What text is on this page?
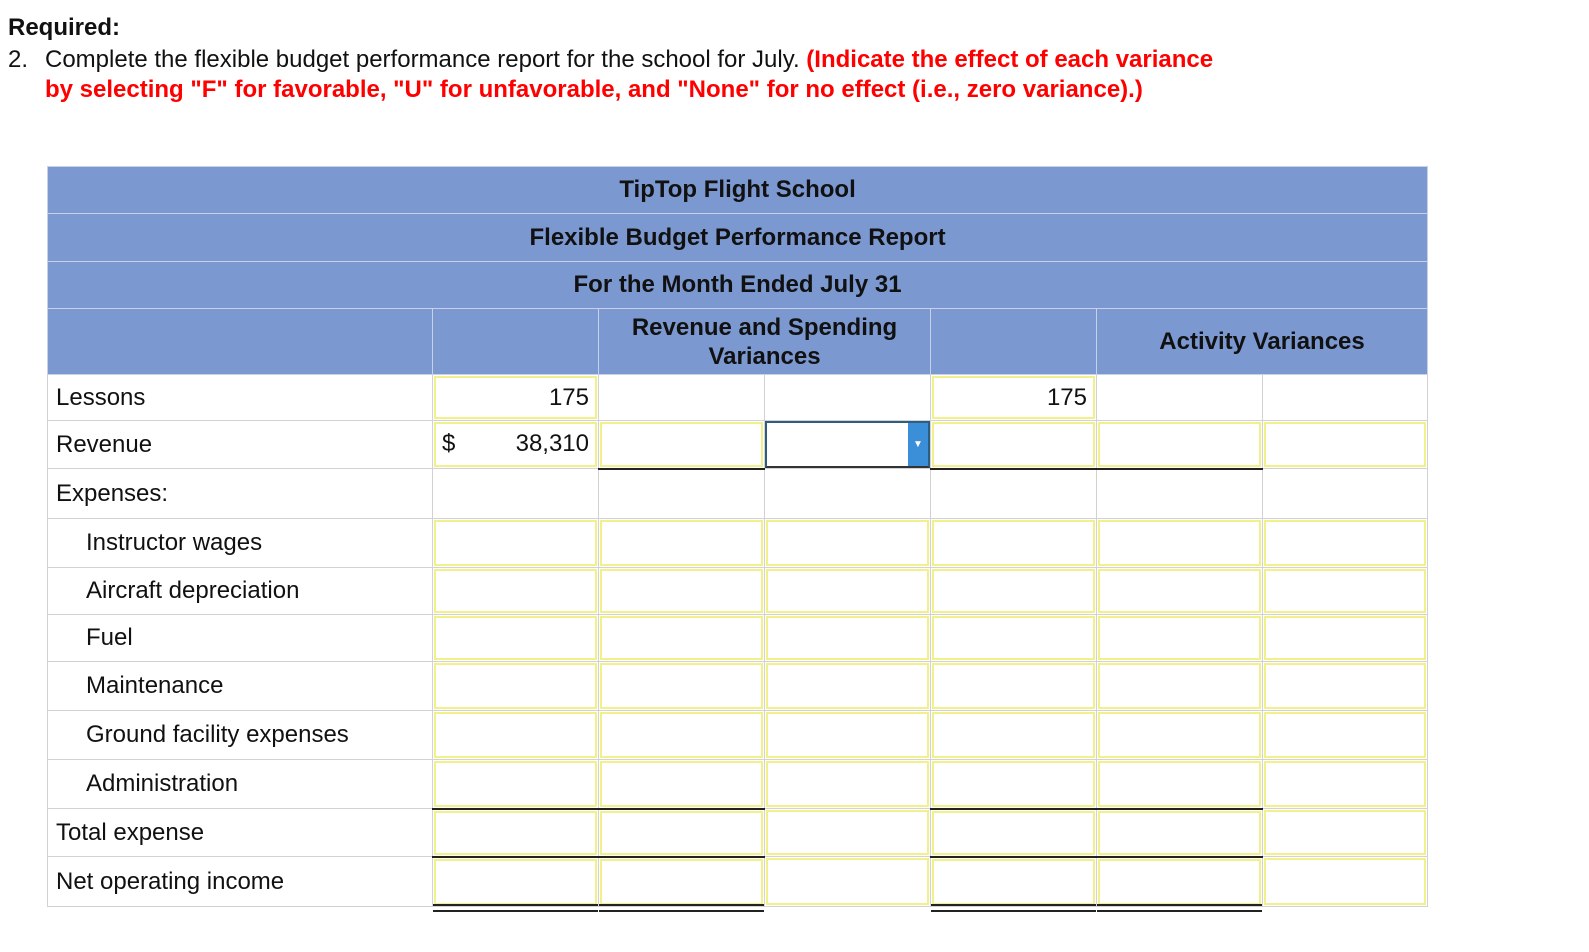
Required:
2. Complete the flexible budget performance report for the school for July. (Indicate the effect of each variance by selecting "F" for favorable, "U" for unfavorable, and "None" for no effect (i.e., zero variance).)
TipTop Flight School						
Flexible Budget Performance Report						
For the Month Ended July 31						
		Revenue and Spending Variances			Activity Variances	
Lessons	175			175		

Revenue	$ 38,310		▼			

Expenses:						
Instructor wages	

Aircraft depreciation	

Fuel	

Maintenance	

Ground facility expenses	

Administration	

Total expense	

Net operating income	
